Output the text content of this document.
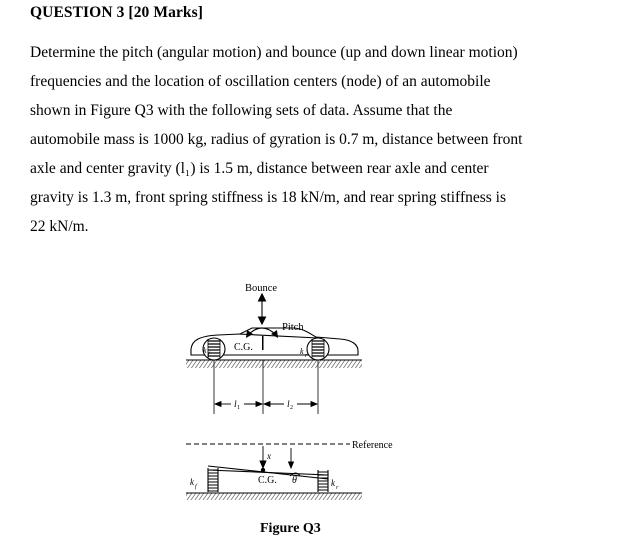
QUESTION 3 [20 Marks]
Determine the pitch (angular motion) and bounce (up and down linear motion)
frequencies and the location of oscillation centers (node) of an automobile
shown in Figure Q3 with the following sets of data. Assume that the
automobile mass is 1000 kg, radius of gyration is 0.7 m, distance between front
axle and center gravity (l₁) is 1.5 m, distance between rear axle and center
gravity is 1.3 m, front spring stiffness is 18 kN/m, and rear spring stiffness is
22 kN/m.
Bounce
Pitch
C.G.
k f	k r
l 1	l 2
Reference
x
C.G. θ
k f	k r
Figure Q3
